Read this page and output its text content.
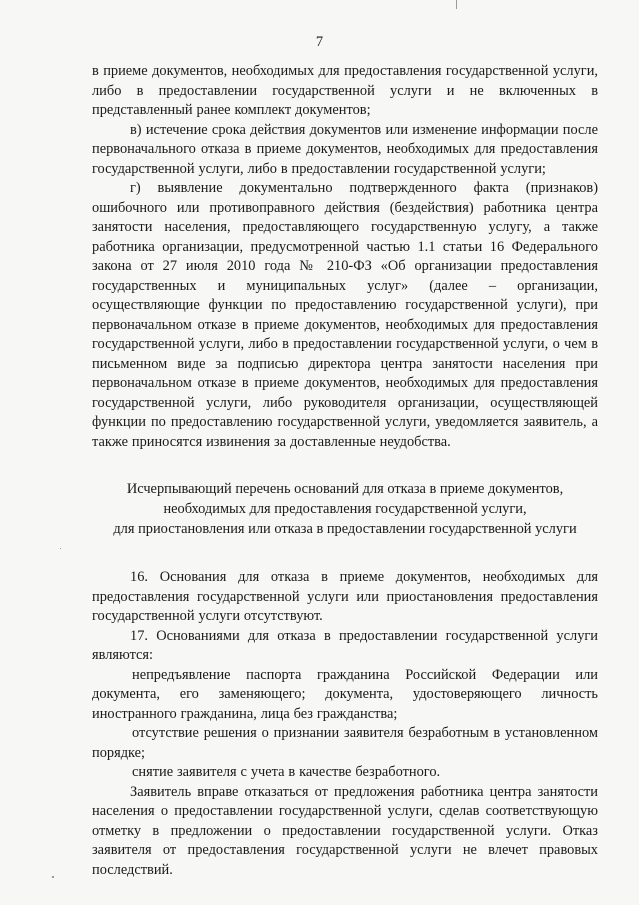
7

в приеме документов, необходимых для предоставления государственной услуги, либо в предоставлении государственной услуги и не включенных в представленный ранее комплект документов;

в) истечение срока действия документов или изменение информации после первоначального отказа в приеме документов, необходимых для предоставления государственной услуги, либо в предоставлении государственной услуги;

г) выявление документально подтвержденного факта (признаков) ошибочного или противоправного действия (бездействия) работника центра занятости населения, предоставляющего государственную услугу, а также работника организации, предусмотренной частью 1.1 статьи 16 Федерального закона от 27 июля 2010 года № 210-ФЗ «Об организации предоставления государственных и муниципальных услуг» (далее – организации, осуществляющие функции по предоставлению государственной услуги), при первоначальном отказе в приеме документов, необходимых для предоставления государственной услуги, либо в предоставлении государственной услуги, о чем в письменном виде за подписью директора центра занятости населения при первоначальном отказе в приеме документов, необходимых для предоставления государственной услуги, либо руководителя организации, осуществляющей функции по предоставлению государственной услуги, уведомляется заявитель, а также приносятся извинения за доставленные неудобства.

Исчерпывающий перечень оснований для отказа в приеме документов,
необходимых для предоставления государственной услуги,
для приостановления или отказа в предоставлении государственной услуги

16. Основания для отказа в приеме документов, необходимых для предоставления государственной услуги или приостановления предоставления государственной услуги отсутствуют.

17. Основаниями для отказа в предоставлении государственной услуги являются:

непредъявление паспорта гражданина Российской Федерации или документа, его заменяющего; документа, удостоверяющего личность иностранного гражданина, лица без гражданства;

отсутствие решения о признании заявителя безработным в установленном порядке;

снятие заявителя с учета в качестве безработного.

Заявитель вправе отказаться от предложения работника центра занятости населения о предоставлении государственной услуги, сделав соответствующую отметку в предложении о предоставлении государственной услуги. Отказ заявителя от предоставления государственной услуги не влечет правовых последствий.
